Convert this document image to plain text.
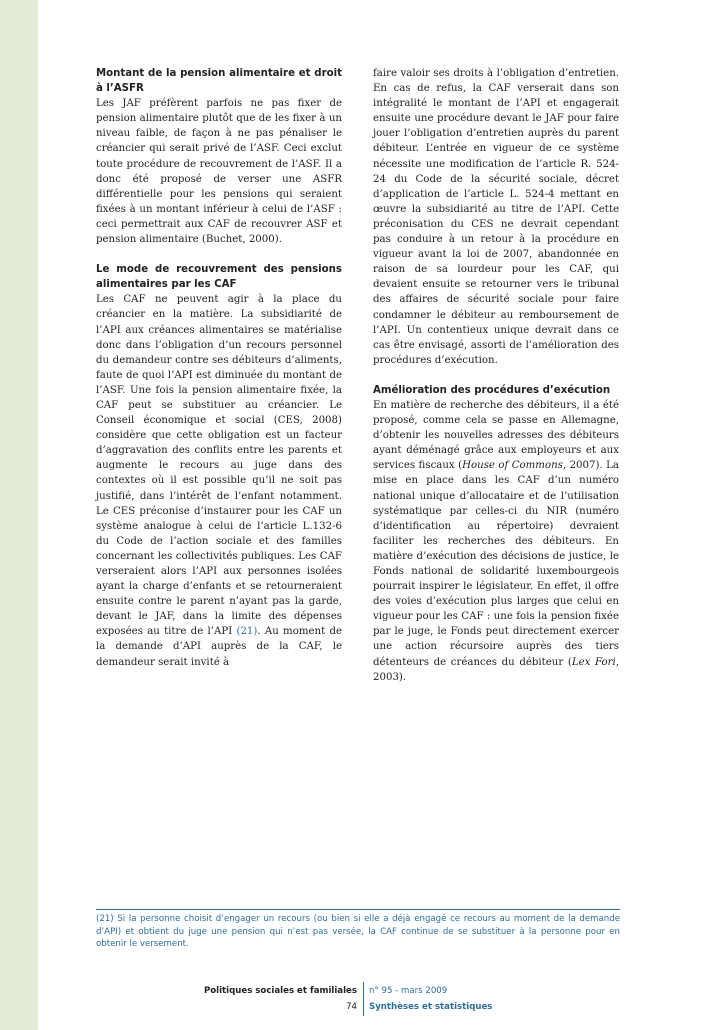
Montant de la pension alimentaire et droit à l’ASFR

Les JAF préfèrent parfois ne pas fixer de pension alimentaire plutôt que de les fixer à un niveau faible, de façon à ne pas pénaliser le créancier qui serait privé de l’ASF. Ceci exclut toute procédure de recouvrement de l’ASF. Il a donc été proposé de verser une ASFR différentielle pour les pensions qui seraient fixées à un montant inférieur à celui de l’ASF : ceci permettrait aux CAF de recouvrer ASF et pension alimentaire (Buchet, 2000).

Le mode de recouvrement des pensions alimentaires par les CAF

Les CAF ne peuvent agir à la place du créancier en la matière. La subsidiarité de l’API aux créances alimentaires se matérialise donc dans l’obligation d’un recours personnel du demandeur contre ses débiteurs d’aliments, faute de quoi l’API est diminuée du montant de l’ASF. Une fois la pension alimentaire fixée, la CAF peut se substituer au créancier. Le Conseil économique et social (CES, 2008) considère que cette obligation est un facteur d’aggravation des conflits entre les parents et augmente le recours au juge dans des contextes où il est possible qu’il ne soit pas justifié, dans l’intérêt de l’enfant notamment. Le CES préconise d’instaurer pour les CAF un système analogue à celui de l’article L.132-6 du Code de l’action sociale et des familles concernant les collectivités publiques. Les CAF verseraient alors l’API aux personnes isolées ayant la charge d’enfants et se retourneraient ensuite contre le parent n’ayant pas la garde, devant le JAF, dans la limite des dépenses exposées au titre de l’API (21). Au moment de la demande d’API auprès de la CAF, le demandeur serait invité à

faire valoir ses droits à l’obligation d’entretien. En cas de refus, la CAF verserait dans son intégralité le montant de l’API et engagerait ensuite une procédure devant le JAF pour faire jouer l’obligation d’entretien auprès du parent débiteur. L’entrée en vigueur de ce système nécessite une modification de l’article R. 524-24 du Code de la sécurité sociale, décret d’application de l’article L. 524-4 mettant en œuvre la subsidiarité au titre de l’API. Cette préconisation du CES ne devrait cependant pas conduire à un retour à la procédure en vigueur avant la loi de 2007, abandonnée en raison de sa lourdeur pour les CAF, qui devaient ensuite se retourner vers le tribunal des affaires de sécurité sociale pour faire condamner le débiteur au remboursement de l’API. Un contentieux unique devrait dans ce cas être envisagé, assorti de l’amélioration des procédures d’exécution.

Amélioration des procédures d’exécution

En matière de recherche des débiteurs, il a été proposé, comme cela se passe en Allemagne, d’obtenir les nouvelles adresses des débiteurs ayant déménagé grâce aux employeurs et aux services fiscaux (House of Commons, 2007). La mise en place dans les CAF d’un numéro national unique d’allocataire et de l’utilisation systématique par celles-ci du NIR (numéro d’identification au répertoire) devraient faciliter les recherches des débiteurs. En matière d’exécution des décisions de justice, le Fonds national de solidarité luxembourgeois pourrait inspirer le législateur. En effet, il offre des voies d’exécution plus larges que celui en vigueur pour les CAF : une fois la pension fixée par le juge, le Fonds peut directement exercer une action récursoire auprès des tiers détenteurs de créances du débiteur (Lex Fori, 2003).

(21) Si la personne choisit d’engager un recours (ou bien si elle a déjà engagé ce recours au moment de la demande d’API) et obtient du juge une pension qui n’est pas versée, la CAF continue de se substituer à la personne pour en obtenir le versement.
Politiques sociales et familiales
74
n° 95 - mars 2009
Synthèses et statistiques
